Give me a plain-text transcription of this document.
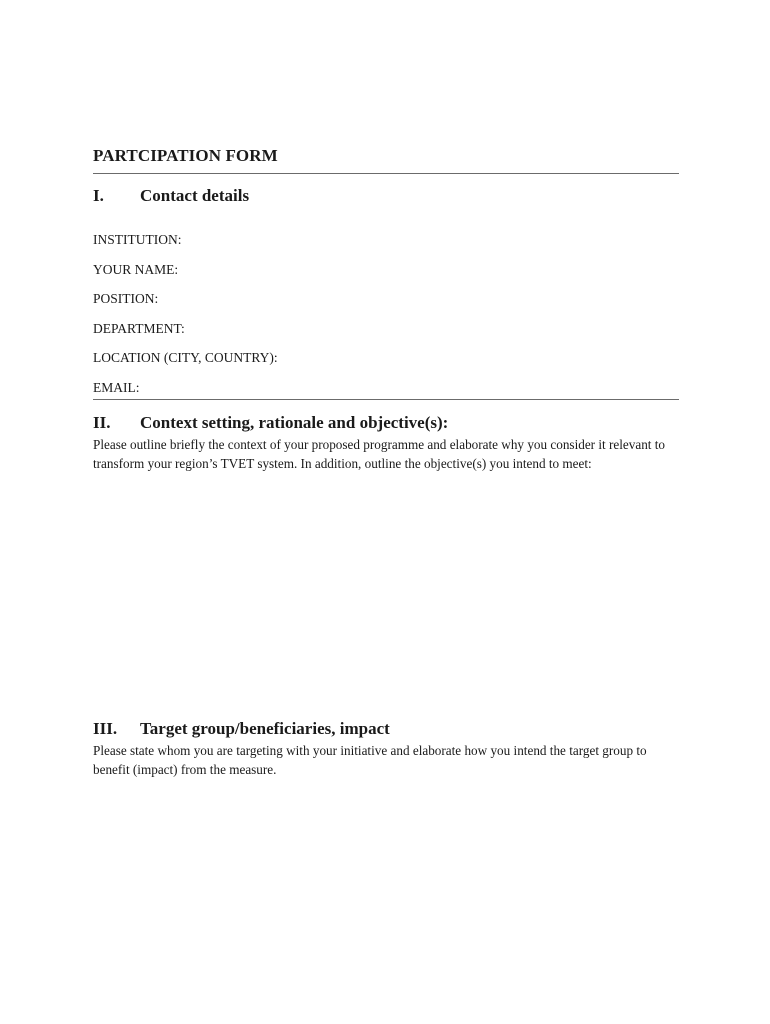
PARTCIPATION FORM
I. Contact details
INSTITUTION:
YOUR NAME:
POSITION:
DEPARTMENT:
LOCATION (CITY, COUNTRY):
EMAIL:
II. Context setting, rationale and objective(s):
Please outline briefly the context of your proposed programme and elaborate why you consider it relevant to transform your region’s TVET system. In addition, outline the objective(s) you intend to meet:
III. Target group/beneficiaries, impact
Please state whom you are targeting with your initiative and elaborate how you intend the target group to benefit (impact) from the measure.
